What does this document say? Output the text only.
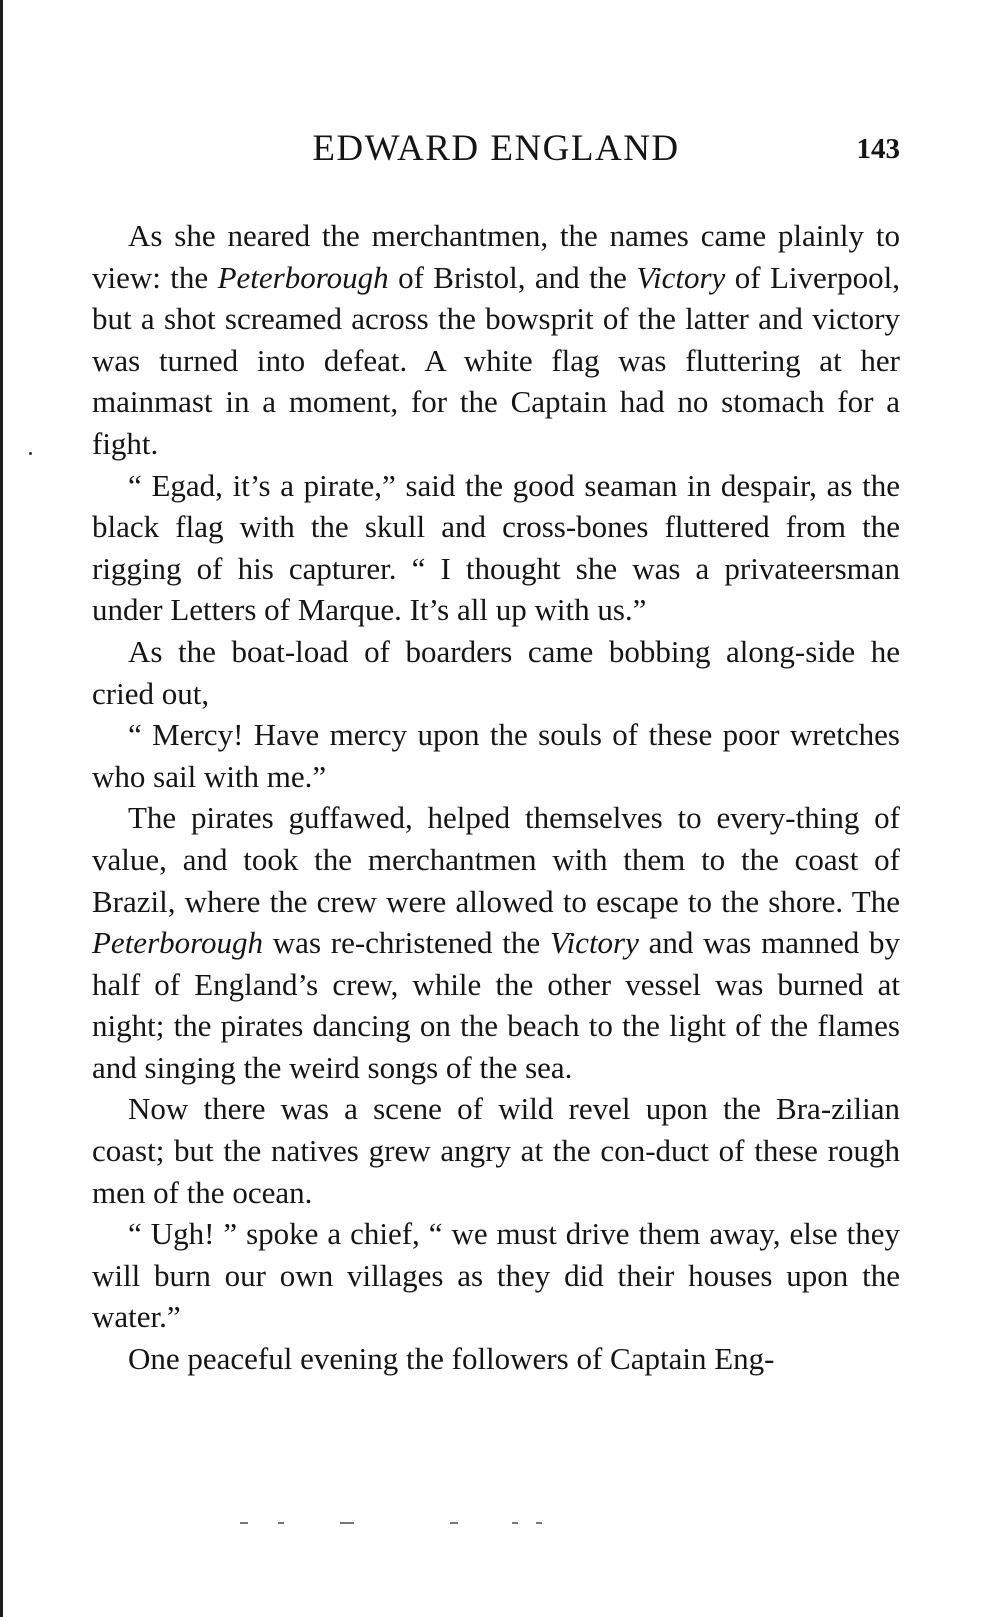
EDWARD ENGLAND	143

As she neared the merchantmen, the names came plainly to view: the Peterborough of Bristol, and the Victory of Liverpool, but a shot screamed across the bowsprit of the latter and victory was turned into defeat. A white flag was fluttering at her mainmast in a moment, for the Captain had no stomach for a fight.

“ Egad, it’s a pirate,” said the good seaman in despair, as the black flag with the skull and cross-bones fluttered from the rigging of his capturer. “ I thought she was a privateersman under Letters of Marque. It’s all up with us.”

As the boat-load of boarders came bobbing along-side he cried out,

“ Mercy! Have mercy upon the souls of these poor wretches who sail with me.”

The pirates guffawed, helped themselves to every-thing of value, and took the merchantmen with them to the coast of Brazil, where the crew were allowed to escape to the shore. The Peterborough was re-christened the Victory and was manned by half of England’s crew, while the other vessel was burned at night; the pirates dancing on the beach to the light of the flames and singing the weird songs of the sea.

Now there was a scene of wild revel upon the Bra-zilian coast; but the natives grew angry at the con-duct of these rough men of the ocean.

“ Ugh! ” spoke a chief, “ we must drive them away, else they will burn our own villages as they did their houses upon the water.”

One peaceful evening the followers of Captain Eng-
